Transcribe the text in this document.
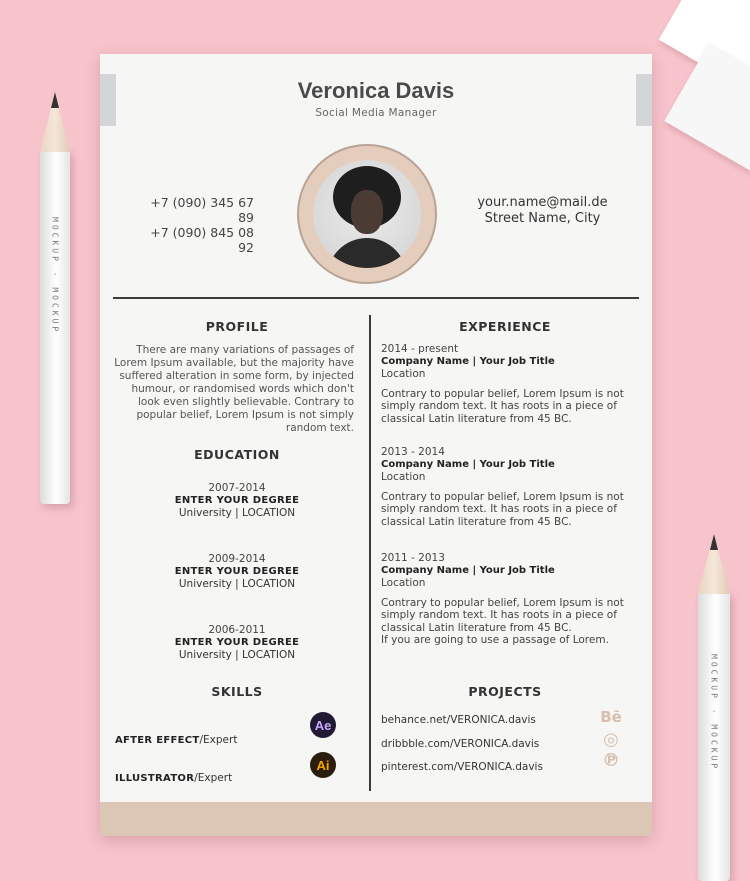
MOCKUP · MOCKUP
MOCKUP · MOCKUP
Veronica Davis
Social Media Manager
+7 (090) 345 67 89
+7 (090) 845 08 92
your.name@mail.de
Street Name, City
PROFILE
There are many variations of passages of Lorem Ipsum available, but the majority have suffered alteration in some form, by injected humour, or randomised words which don't look even slightly believable. Contrary to popular belief, Lorem Ipsum is not simply random text.
EDUCATION
2007-2014
ENTER YOUR DEGREE
University | LOCATION
2009-2014
ENTER YOUR DEGREE
University | LOCATION
2006-2011
ENTER YOUR DEGREE
University | LOCATION
SKILLS
AFTER EFFECT/Expert
Ae
ILLUSTRATOR/Expert
Ai
EXPERIENCE
2014 - present
Company Name | Your Job Title
Location
Contrary to popular belief, Lorem Ipsum is not simply random text. It has roots in a piece of classical Latin literature from 45 BC.
2013 - 2014
Company Name | Your Job Title
Location
Contrary to popular belief, Lorem Ipsum is not simply random text. It has roots in a piece of classical Latin literature from 45 BC.
2011 - 2013
Company Name | Your Job Title
Location
Contrary to popular belief, Lorem Ipsum is not simply random text. It has roots in a piece of classical Latin literature from 45 BC.
If you are going to use a passage of Lorem.
PROJECTS
behance.net/VERONICA.davis
dribbble.com/VERONICA.davis
pinterest.com/VERONICA.davis
Bē
◎
℗
